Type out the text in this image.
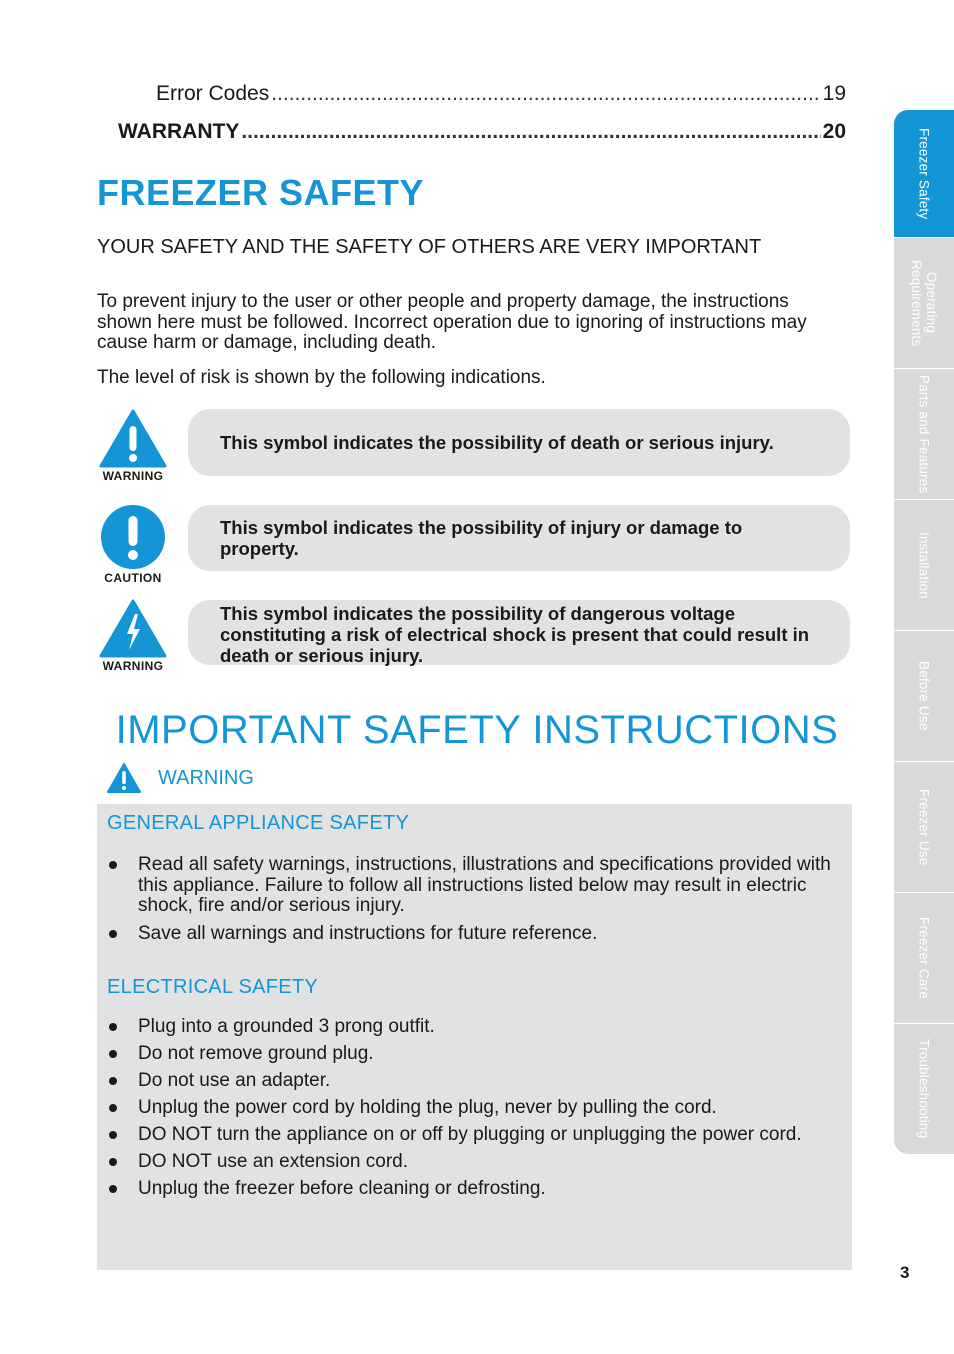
Error Codes .....	19
WARRANTY .....	20
FREEZER SAFETY

YOUR SAFETY AND THE SAFETY OF OTHERS ARE VERY IMPORTANT

To prevent injury to the user or other people and property damage, the instructions shown here must be followed. Incorrect operation due to ignoring of instructions may cause harm or damage, including death.

The level of risk is shown by the following indications.

WARNING
This symbol indicates the possibility of death or serious injury.
CAUTION
This symbol indicates the possibility of injury or damage to property.
WARNING
This symbol indicates the possibility of dangerous voltage constituting a risk of electrical shock is present that could result in death or serious injury.
IMPORTANT SAFETY INSTRUCTIONS
WARNING
GENERAL APPLIANCE SAFETY
Read all safety warnings, instructions, illustrations and specifications provided with this appliance. Failure to follow all instructions listed below may result in electric shock, fire and/or serious injury.
Save all warnings and instructions for future reference.
ELECTRICAL SAFETY
Plug into a grounded 3 prong outfit.
Do not remove ground plug.
Do not use an adapter.
Unplug the power cord by holding the plug, never by pulling the cord.
DO NOT turn the appliance on or off by plugging or unplugging the power cord.
DO NOT use an extension cord.
Unplug the freezer before cleaning or defrosting.
Freezer Safety
Operating Requirements
Parts and Features
Installation
Before Use
Freezer Use
Freezer Care
Troubleshooting
3
